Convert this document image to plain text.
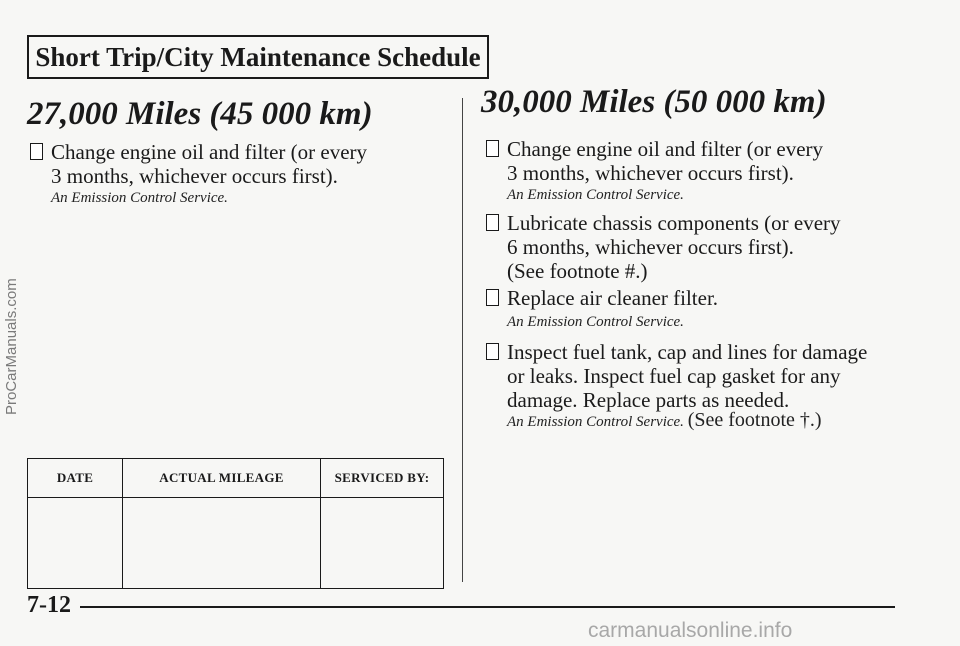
Short Trip/City Maintenance Schedule
27,000 Miles (45 000 km)
Change engine oil and filter (or every
3 months, whichever occurs first).
An Emission Control Service.
DATE	ACTUAL MILEAGE	SERVICED BY:

30,000 Miles (50 000 km)
Change engine oil and filter (or every
3 months, whichever occurs first).
An Emission Control Service.
Lubricate chassis components (or every
6 months, whichever occurs first).
(See footnote #.)
Replace air cleaner filter.
An Emission Control Service.
Inspect fuel tank, cap and lines for damage
or leaks. Inspect fuel cap gasket for any
damage. Replace parts as needed.
An Emission Control Service. (See footnote †.)
7-12
ProCarManuals.com
carmanualsonline.info
